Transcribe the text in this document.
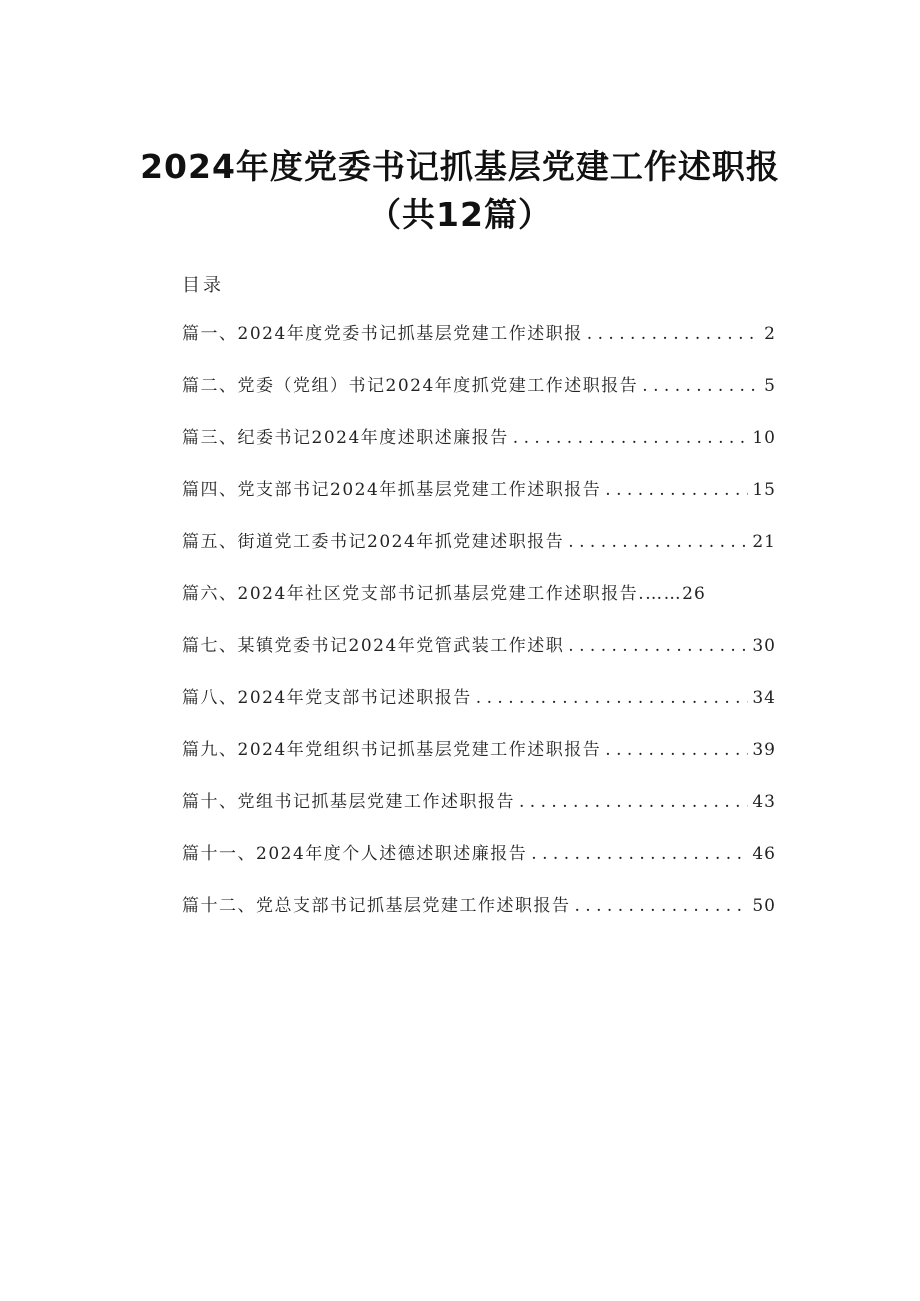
2024年度党委书记抓基层党建工作述职报
（共12篇）
目录
篇一、2024年度党委书记抓基层党建工作述职报 . . .	2
篇二、党委（党组）书记2024年度抓党建工作述职报告 . . .	5
篇三、纪委书记2024年度述职述廉报告 . . .	10
篇四、党支部书记2024年抓基层党建工作述职报告 . . .	15
篇五、街道党工委书记2024年抓党建述职报告 . . .	21
篇六、2024年社区党支部书记抓基层党建工作述职报告.…… 26
篇七、某镇党委书记2024年党管武装工作述职 . . .	30
篇八、2024年党支部书记述职报告 . . .	34
篇九、2024年党组织书记抓基层党建工作述职报告 . . .	39
篇十、党组书记抓基层党建工作述职报告 . . .	43
篇十一、2024年度个人述德述职述廉报告 . . .	46
篇十二、党总支部书记抓基层党建工作述职报告 . . .	50
